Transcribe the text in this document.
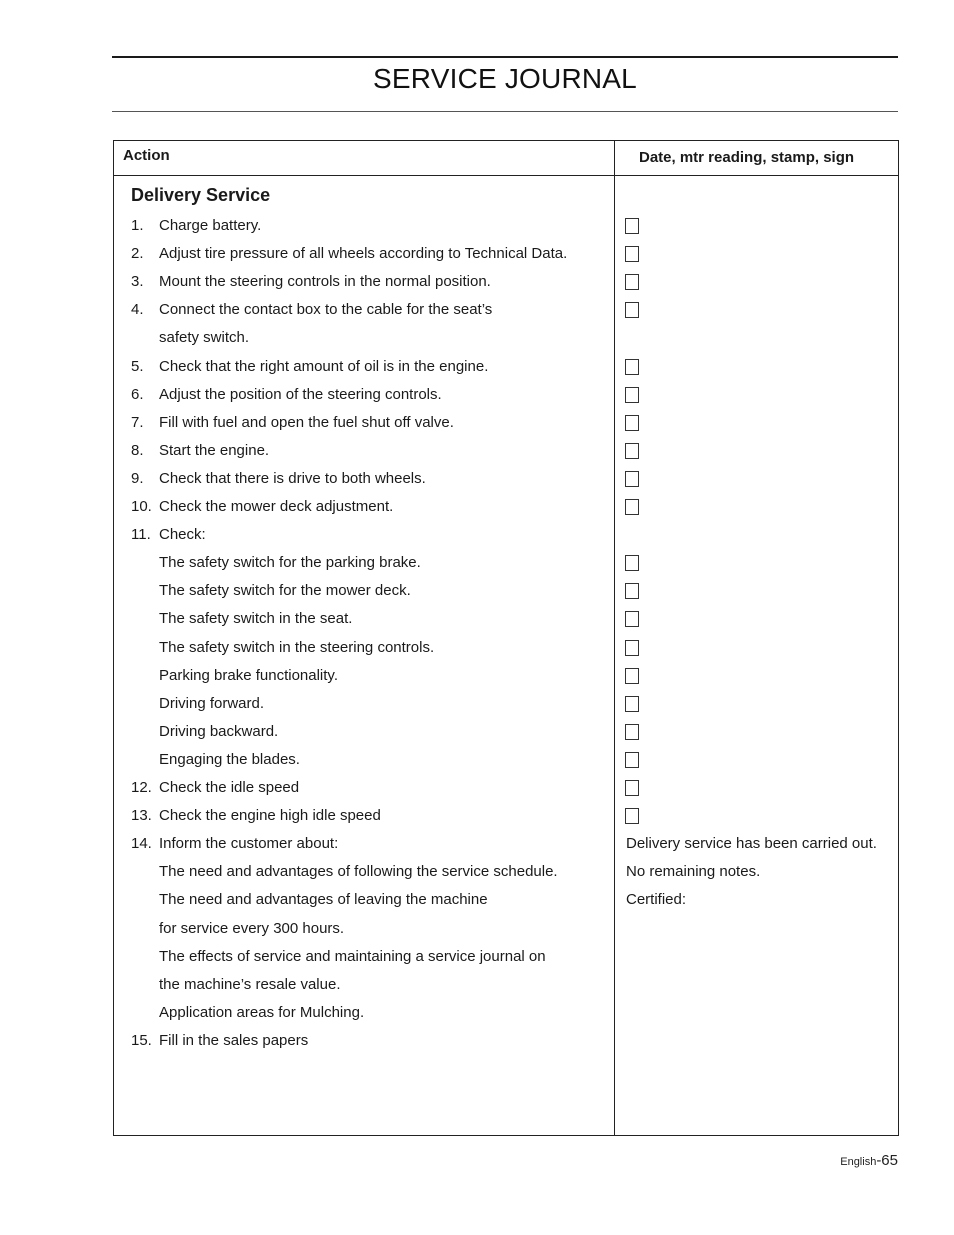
SERVICE JOURNAL
Action	Date, mtr reading, stamp, sign
Delivery Service
1. Charge battery.
2. Adjust tire pressure of all wheels according to Technical Data.
3. Mount the steering controls in the normal position.
4. Connect the contact box to the cable for the seat’s
safety switch.
5. Check that the right amount of oil is in the engine.
6. Adjust the position of the steering controls.
7. Fill with fuel and open the fuel shut off valve.
8. Start the engine.
9. Check that there is drive to both wheels.
10. Check the mower deck adjustment.
11. Check:
The safety switch for the parking brake.
The safety switch for the mower deck.
The safety switch in the seat.
The safety switch in the steering controls.
Parking brake functionality.
Driving forward.
Driving backward.
Engaging the blades.
12. Check the idle speed
13. Check the engine high idle speed
14. Inform the customer about:
The need and advantages of following the service schedule.
The need and advantages of leaving the machine
for service every 300 hours.
The effects of service and maintaining a service journal on
the machine’s resale value.
Application areas for Mulching.
15. Fill in the sales papers
Delivery service has been carried out.
No remaining notes.
Certified:
English-65
